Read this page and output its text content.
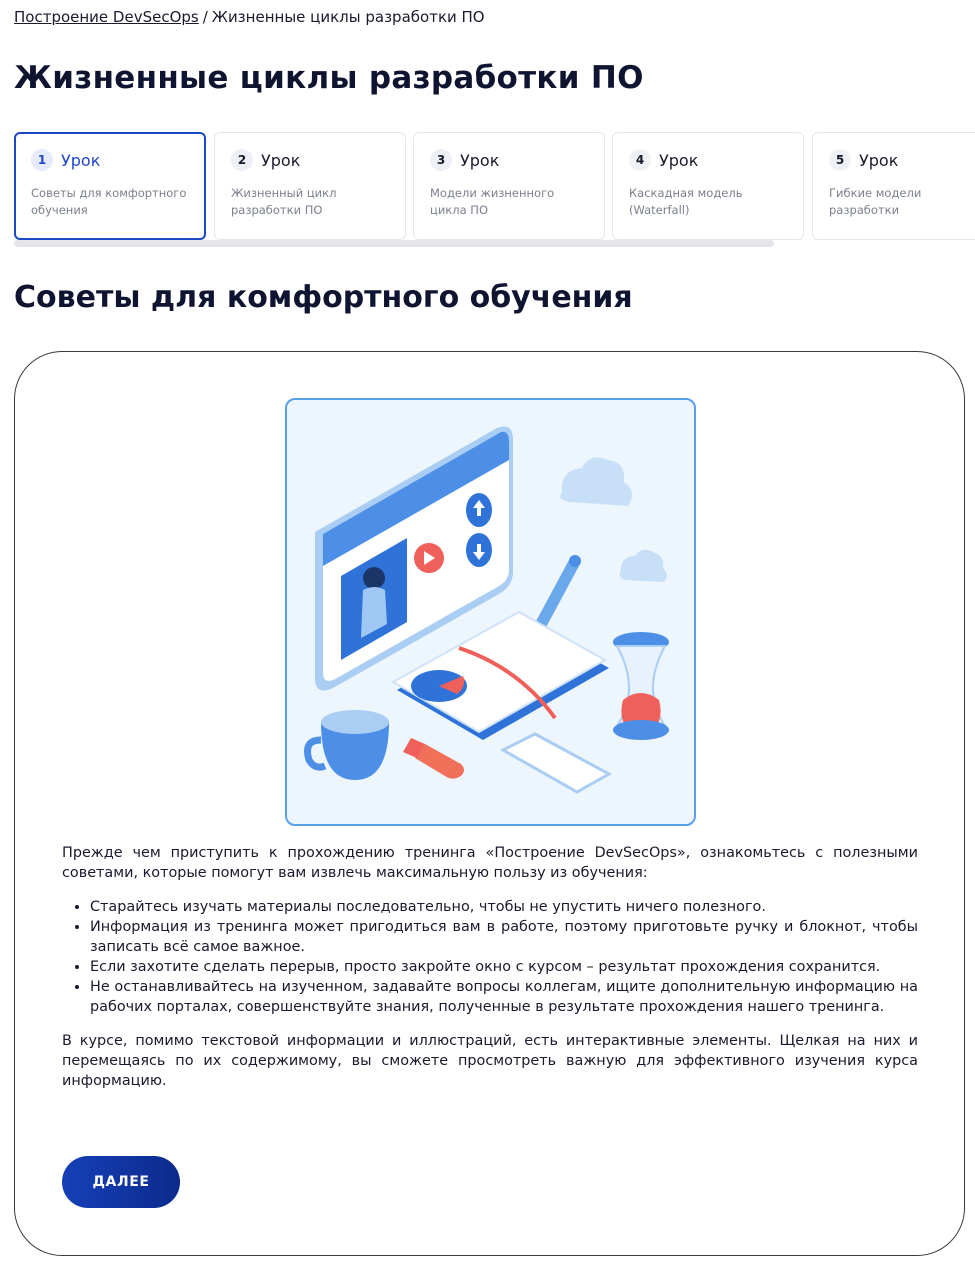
Построение DevSecOps / Жизненные циклы разработки ПО
Жизненные циклы разработки ПО
1 Урок
Советы для комфортного обучения
2 Урок
Жизненный цикл разработки ПО
3 Урок
Модели жизненного цикла ПО
4 Урок
Каскадная модель (Waterfall)
5 Урок
Гибкие модели разработки
Советы для комфортного обучения

Прежде чем приступить к прохождению тренинга «Построение DevSecOps», ознакомьтесь с полезными советами, которые помогут вам извлечь максимальную пользу из обучения:

• Старайтесь изучать материалы последовательно, чтобы не упустить ничего полезного.
• Информация из тренинга может пригодиться вам в работе, поэтому приготовьте ручку и блокнот, чтобы записать всё самое важное.
• Если захотите сделать перерыв, просто закройте окно с курсом – результат прохождения сохранится.
• Не останавливайтесь на изученном, задавайте вопросы коллегам, ищите дополнительную информацию на рабочих порталах, совершенствуйте знания, полученные в результате прохождения нашего тренинга.

В курсе, помимо текстовой информации и иллюстраций, есть интерактивные элементы. Щелкая на них и перемещаясь по их содержимому, вы сможете просмотреть важную для эффективного изучения курса информацию.

ДАЛЕЕ
